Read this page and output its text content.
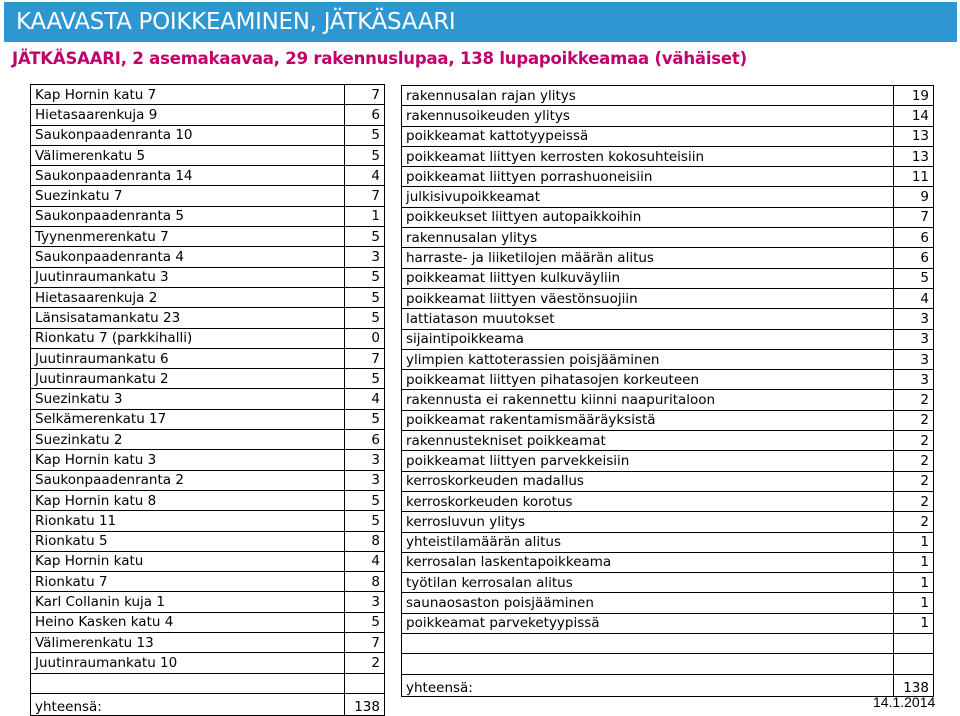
KAAVASTA POIKKEAMINEN, JÄTKÄSAARI
JÄTKÄSAARI, 2 asemakaavaa, 29 rakennuslupaa, 138 lupapoikkeamaa (vähäiset)
Kap Hornin katu 7	7
Hietasaarenkuja 9	6
Saukonpaadenranta 10	5
Välimerenkatu 5	5
Saukonpaadenranta 14	4
Suezinkatu 7	7
Saukonpaadenranta 5	1
Tyynenmerenkatu 7	5
Saukonpaadenranta 4	3
Juutinraumankatu 3	5
Hietasaarenkuja 2	5
Länsisatamankatu 23	5
Rionkatu 7 (parkkihalli)	0
Juutinraumankatu 6	7
Juutinraumankatu 2	5
Suezinkatu 3	4
Selkämerenkatu 17	5
Suezinkatu 2	6
Kap Hornin katu 3	3
Saukonpaadenranta 2	3
Kap Hornin katu 8	5
Rionkatu 11	5
Rionkatu 5	8
Kap Hornin katu	4
Rionkatu 7	8
Karl Collanin kuja 1	3
Heino Kasken katu 4	5
Välimerenkatu 13	7
Juutinraumankatu 10	2

yhteensä:	138
rakennusalan rajan ylitys	19
rakennusoikeuden ylitys	14
poikkeamat kattotyypeissä	13
poikkeamat liittyen kerrosten kokosuhteisiin	13
poikkeamat liittyen porrashuoneisiin	11
julkisivupoikkeamat	9
poikkeukset liittyen autopaikkoihin	7
rakennusalan ylitys	6
harraste- ja liiketilojen määrän alitus	6
poikkeamat liittyen kulkuväyliin	5
poikkeamat liittyen väestönsuojiin	4
lattiatason muutokset	3
sijaintipoikkeama	3
ylimpien kattoterassien poisjääminen	3
poikkeamat liittyen pihatasojen korkeuteen	3
rakennusta ei rakennettu kiinni naapuritaloon	2
poikkeamat rakentamismääräyksistä	2
rakennustekniset poikkeamat	2
poikkeamat liittyen parvekkeisiin	2
kerroskorkeuden madallus	2
kerroskorkeuden korotus	2
kerrosluvun ylitys	2
yhteistilamäärän alitus	1
kerrosalan laskentapoikkeama	1
työtilan kerrosalan alitus	1
saunaosaston poisjääminen	1
poikkeamat parveketyypissä	1

yhteensä:	138
14.1.2014
